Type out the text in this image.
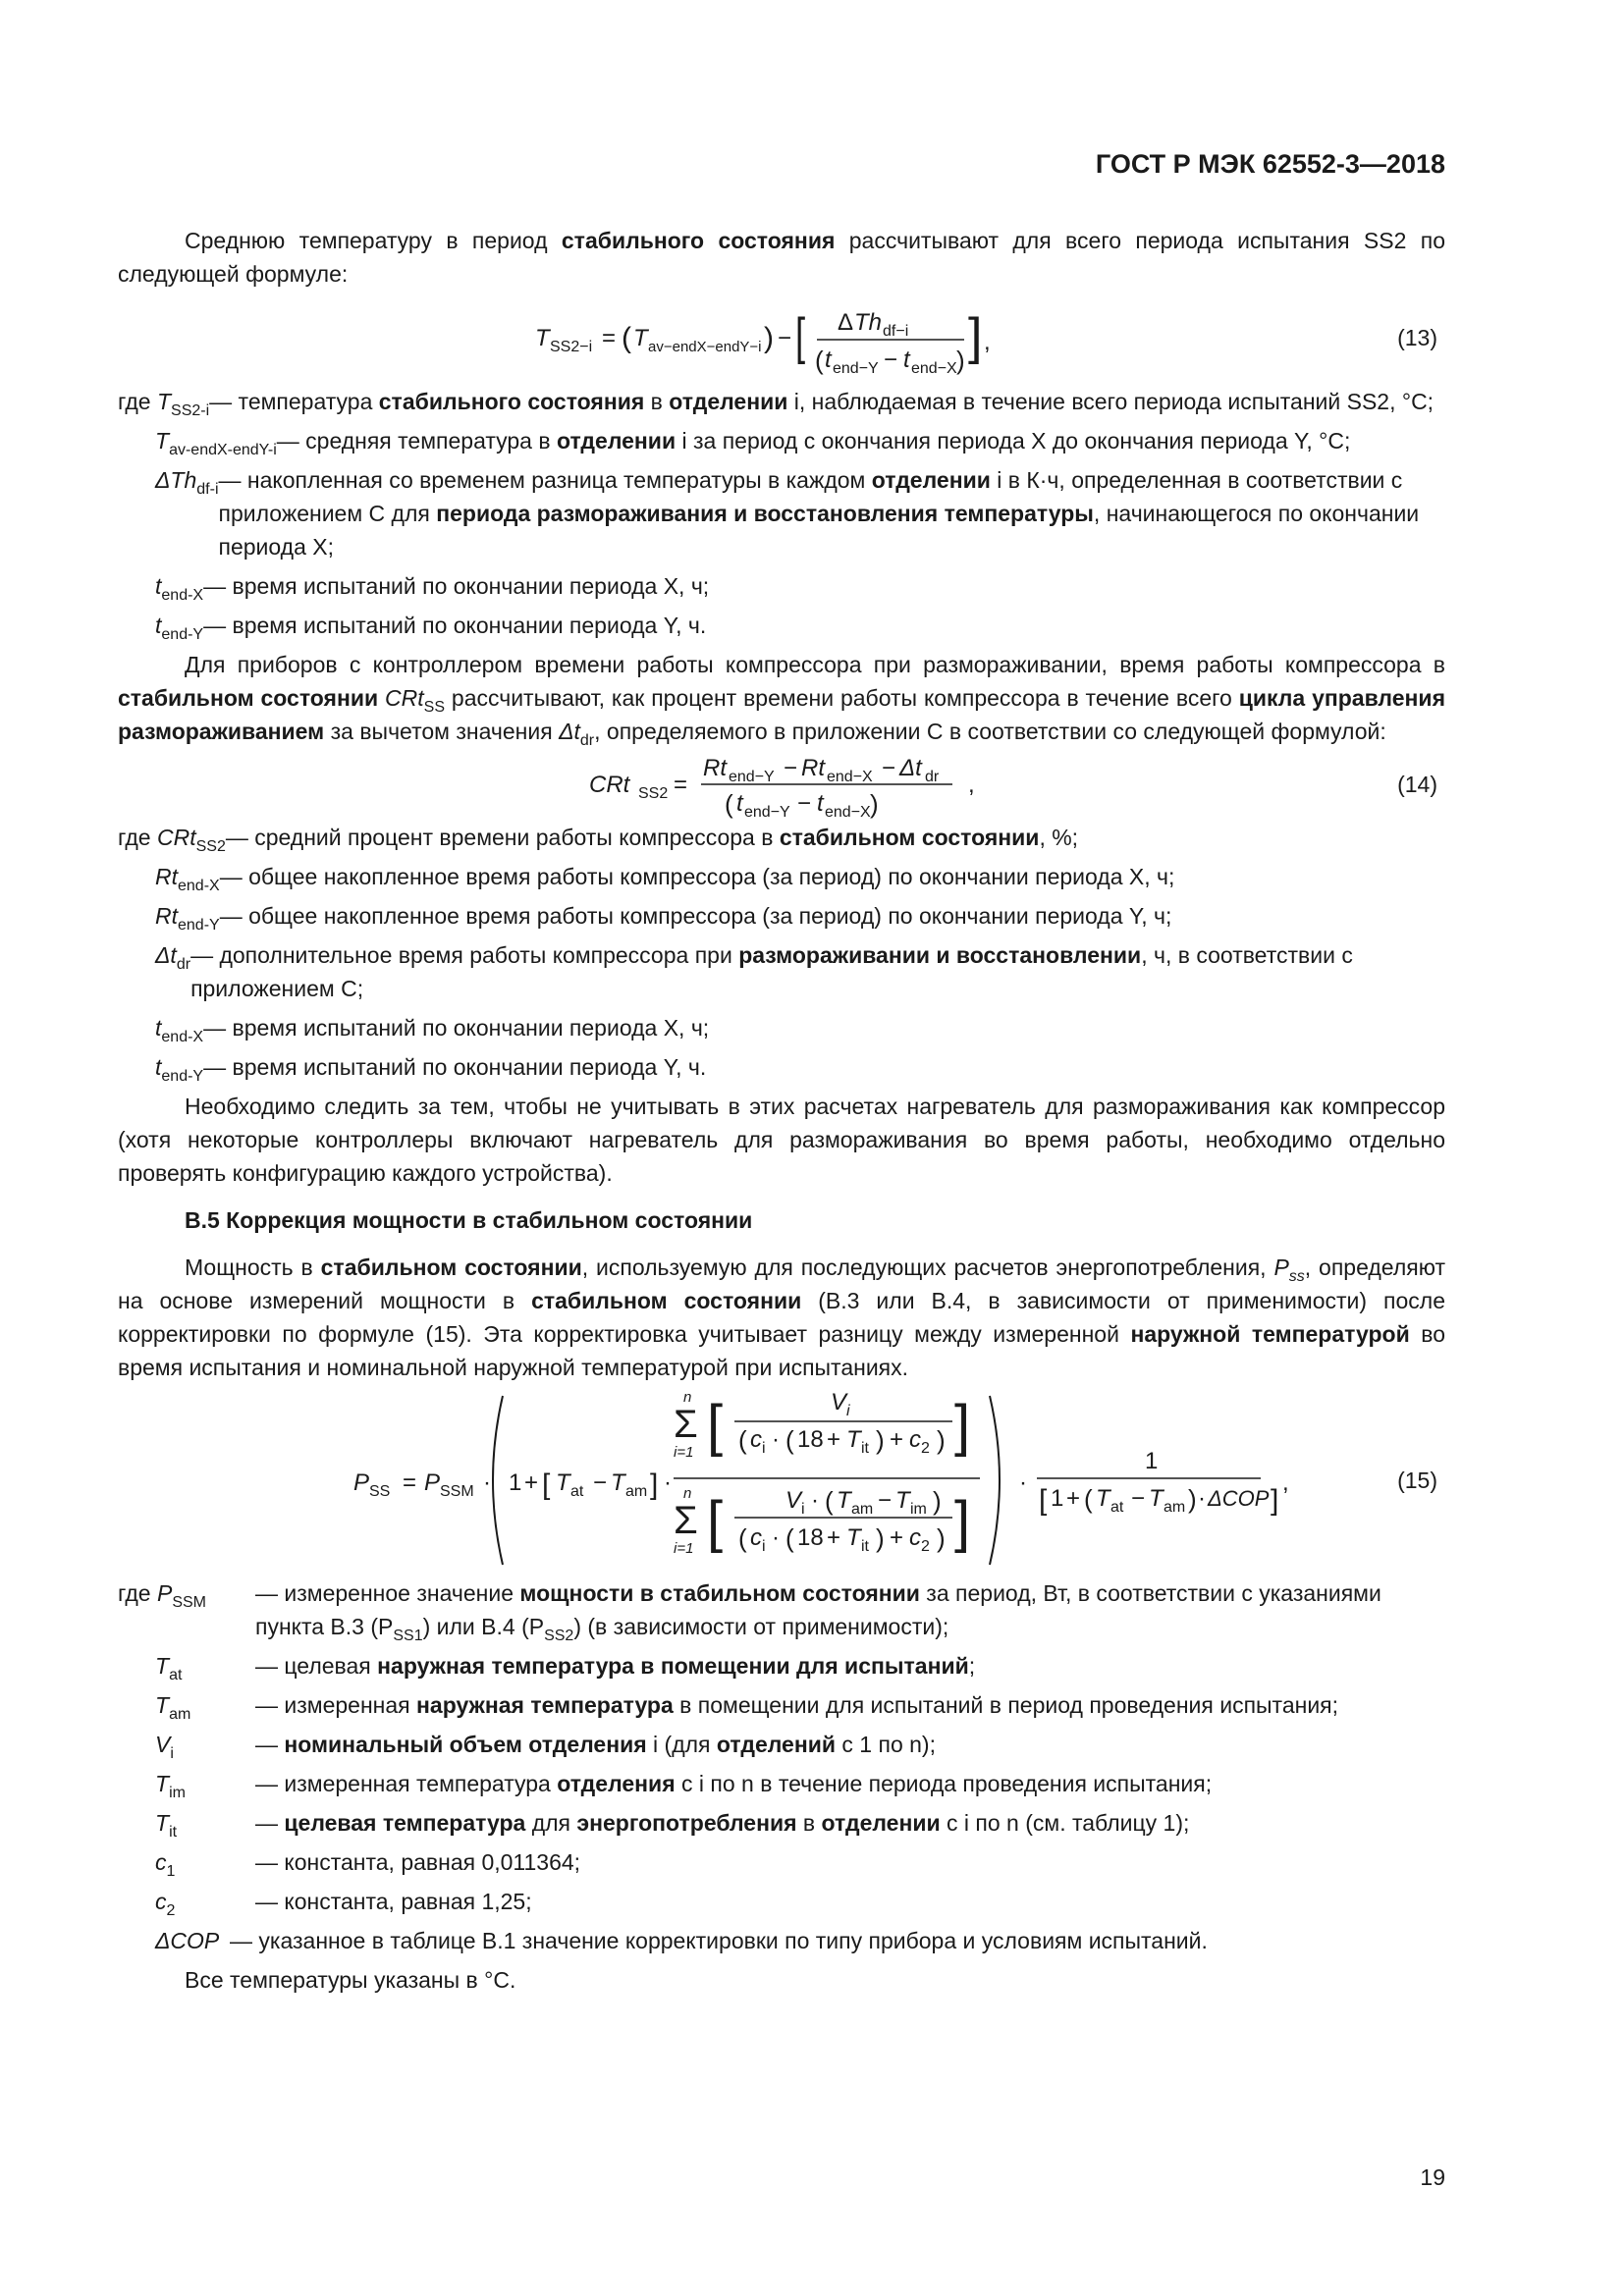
ГОСТ Р МЭК 62552-3—2018

Среднюю температуру в период стабильного состояния рассчитывают для всего периода испытания SS2 по следующей формуле:

T SS2−i = ( T av−endX−endY−i ) − [ Δ Th df−i
( t end−Y − t end−X ) ] ,	(13)
где $T_{SS2-i}$ — температура стабильного состояния в отделении i, наблюдаемая в течение всего периода испытаний SS2, °C;
$T_{av-endX-endY-i}$ — средняя температура в отделении i за период с окончания периода X до окончания периода Y, °C;
ΔTh$_{df-i}$ — накопленная со временем разница температуры в каждом отделении i в К·ч, определенная в соответствии с приложением С для периода размораживания и восстановления температуры, начинающегося по окончании периода X;
$t_{end-X}$ — время испытаний по окончании периода X, ч;
$t_{end-Y}$ — время испытаний по окончании периода Y, ч.

Для приборов с контроллером времени работы компрессора при размораживании, время работы компрессора в стабильном состоянии CRt$_{SS}$ рассчитывают, как процент времени работы компрессора в течение всего цикла управления размораживанием за вычетом значения $\Delta t_{dr}$, определяемого в приложении С в соответствии со следующей формулой:

CRt SS2 =
Rt end−Y − Rt end−X − Δt dr
( t end−Y − t end−X )
,	(14)
где CRt$_{SS2}$ — средний процент времени работы компрессора в стабильном состоянии, %;
$Rt_{end-X}$ — общее накопленное время работы компрессора (за период) по окончании периода X, ч;
$Rt_{end-Y}$ — общее накопленное время работы компрессора (за период) по окончании периода Y, ч;
$\Delta t_{dr}$ — дополнительное время работы компрессора при размораживании и восстановлении, ч, в соответствии с приложением С;
$t_{end-X}$ — время испытаний по окончании периода X, ч;
$t_{end-Y}$ — время испытаний по окончании периода Y, ч.

Необходимо следить за тем, чтобы не учитывать в этих расчетах нагреватель для размораживания как компрессор (хотя некоторые контроллеры включают нагреватель для размораживания во время работы, необходимо отдельно проверять конфигурацию каждого устройства).

В.5 Коррекция мощности в стабильном состоянии

Мощность в стабильном состоянии, используемую для последующих расчетов энергопотребления, $P_{ss}$, определяют на основе измерений мощности в стабильном состоянии (В.3 или В.4, в зависимости от применимости) после корректировки по формуле (15). Эта корректировка учитывает разницу между измеренной наружной температурой во время испытания и номинальной наружной температурой при испытаниях.

P SS = P SSM · 1 + [ T at − T am ] ·
n
Σ
i=1 [	V i
( c i · ( 18 + T it ) + c 2 ) ]
n
Σ
i=1 [	V i · ( T am − T im )
( c i · ( 18 + T it ) + c 2 ) ]
·
1
[ 1 + ( T at − T am ) · ΔCOP ]
,	(15)
где $P_{SSM}$	— измеренное значение мощности в стабильном состоянии за период, Вт, в соответствии с указаниями пункта В.3 $(P_{SS1})$ или В.4 $(P_{SS2})$ (в зависимости от применимости);
$T_{at}$	— целевая наружная температура в помещении для испытаний;
$T_{am}$	— измеренная наружная температура в помещении для испытаний в период проведения испытания;
$V_i$	— номинальный объем отделения i (для отделений с 1 по n);
$T_{im}$	— измеренная температура отделения с i по n в течение периода проведения испытания;
$T_{it}$	— целевая температура для энергопотребления в отделении с i по n (см. таблицу 1);
$c_1$	— константа, равная 0,011364;
$c_2$	— константа, равная 1,25;
ΔCOP — указанное в таблице В.1 значение корректировки по типу прибора и условиям испытаний.

Все температуры указаны в °C.

19
